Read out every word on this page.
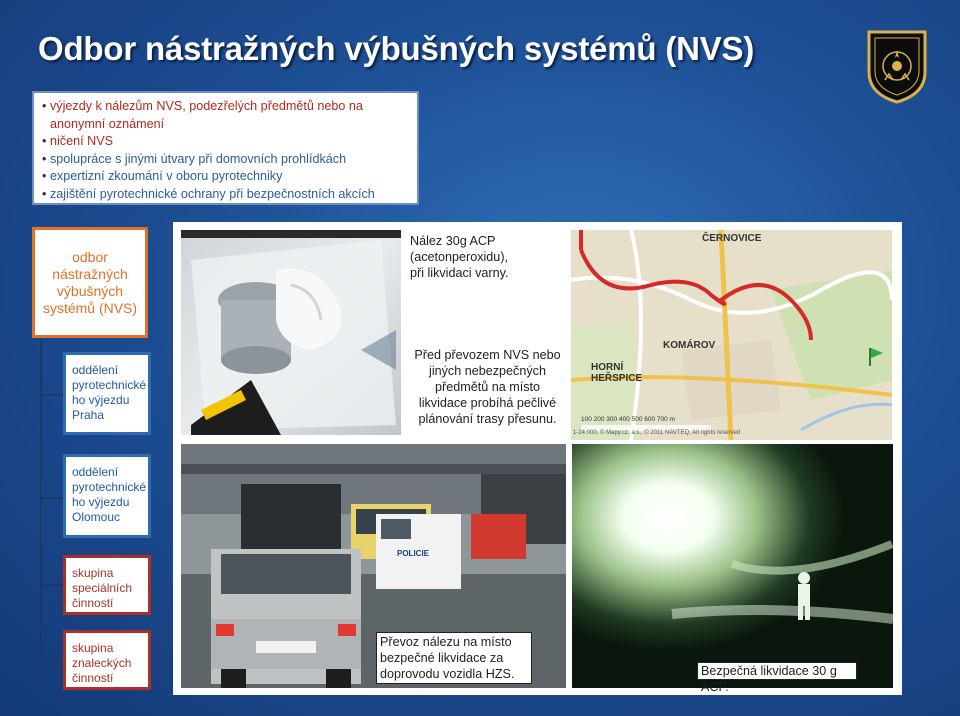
Odbor nástražných výbušných systémů (NVS)
• výjezdy k nálezům NVS, podezřelých předmětů nebo na
anonymní oznámení
• ničení NVS
• spolupráce s jinými útvary při domovních prohlídkách
• expertizní zkoumání v oboru pyrotechniky
• zajištění pyrotechnické ochrany při bezpečnostních akcích
odbor
nástražných
výbušných
systémů (NVS)
oddělení
pyrotechnické
ho výjezdu
Praha
oddělení
pyrotechnické
ho výjezdu
Olomouc
skupina
speciálních
činností
skupina
znaleckých
činností
Nález 30g ACP
(acetonperoxidu),
při likvidaci varny.
Před převozem NVS nebo
jiných nebezpečných
předmětů na místo
likvidace probíhá pečlivé
plánování trasy přesunu.
ČERNOVICE
KOMÁROV
HORNÍ
HEŘSPICE
100 200 300 400 500 600 700 m
1-24 000, © Mapy.cz, a.s., © 2011 NAVTEQ, All rights reserved
POLICIE
Převoz nálezu na místo
bezpečné likvidace za
doprovodu vozidla HZS.	Bezpečná likvidace 30 g ACP.
